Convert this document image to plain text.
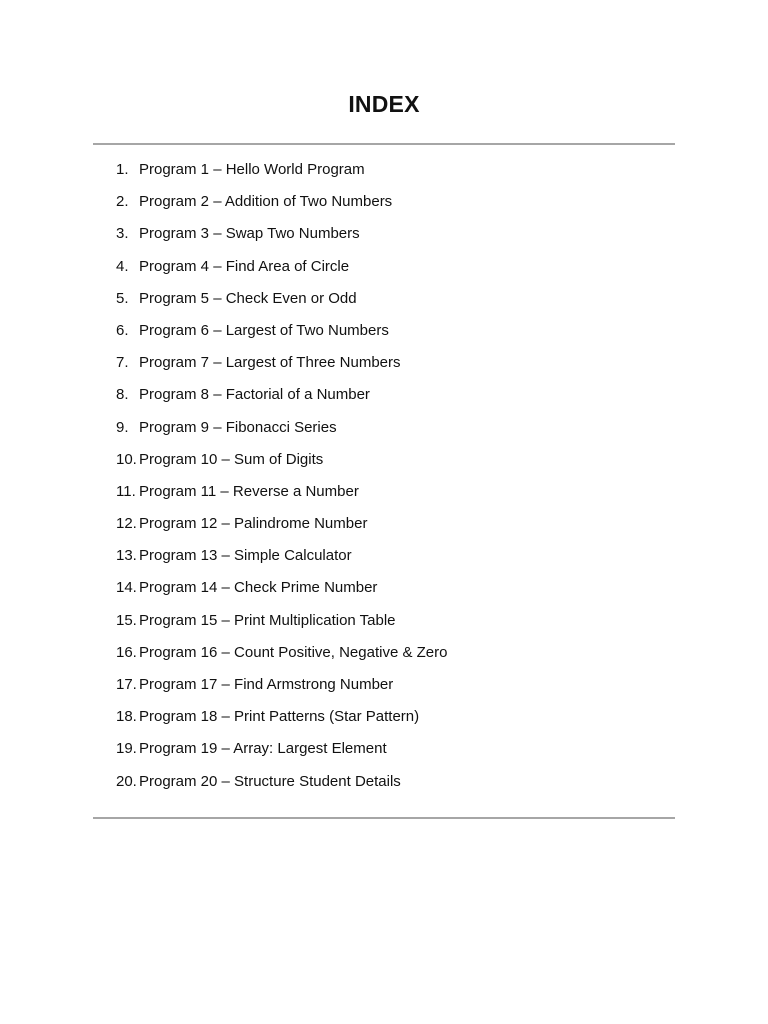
INDEX
1. Program 1 – Hello World Program
2. Program 2 – Addition of Two Numbers
3. Program 3 – Swap Two Numbers
4. Program 4 – Find Area of Circle
5. Program 5 – Check Even or Odd
6. Program 6 – Largest of Two Numbers
7. Program 7 – Largest of Three Numbers
8. Program 8 – Factorial of a Number
9. Program 9 – Fibonacci Series
10. Program 10 – Sum of Digits
11. Program 11 – Reverse a Number
12. Program 12 – Palindrome Number
13. Program 13 – Simple Calculator
14. Program 14 – Check Prime Number
15. Program 15 – Print Multiplication Table
16. Program 16 – Count Positive, Negative & Zero
17. Program 17 – Find Armstrong Number
18. Program 18 – Print Patterns (Star Pattern)
19. Program 19 – Array: Largest Element
20. Program 20 – Structure Student Details
